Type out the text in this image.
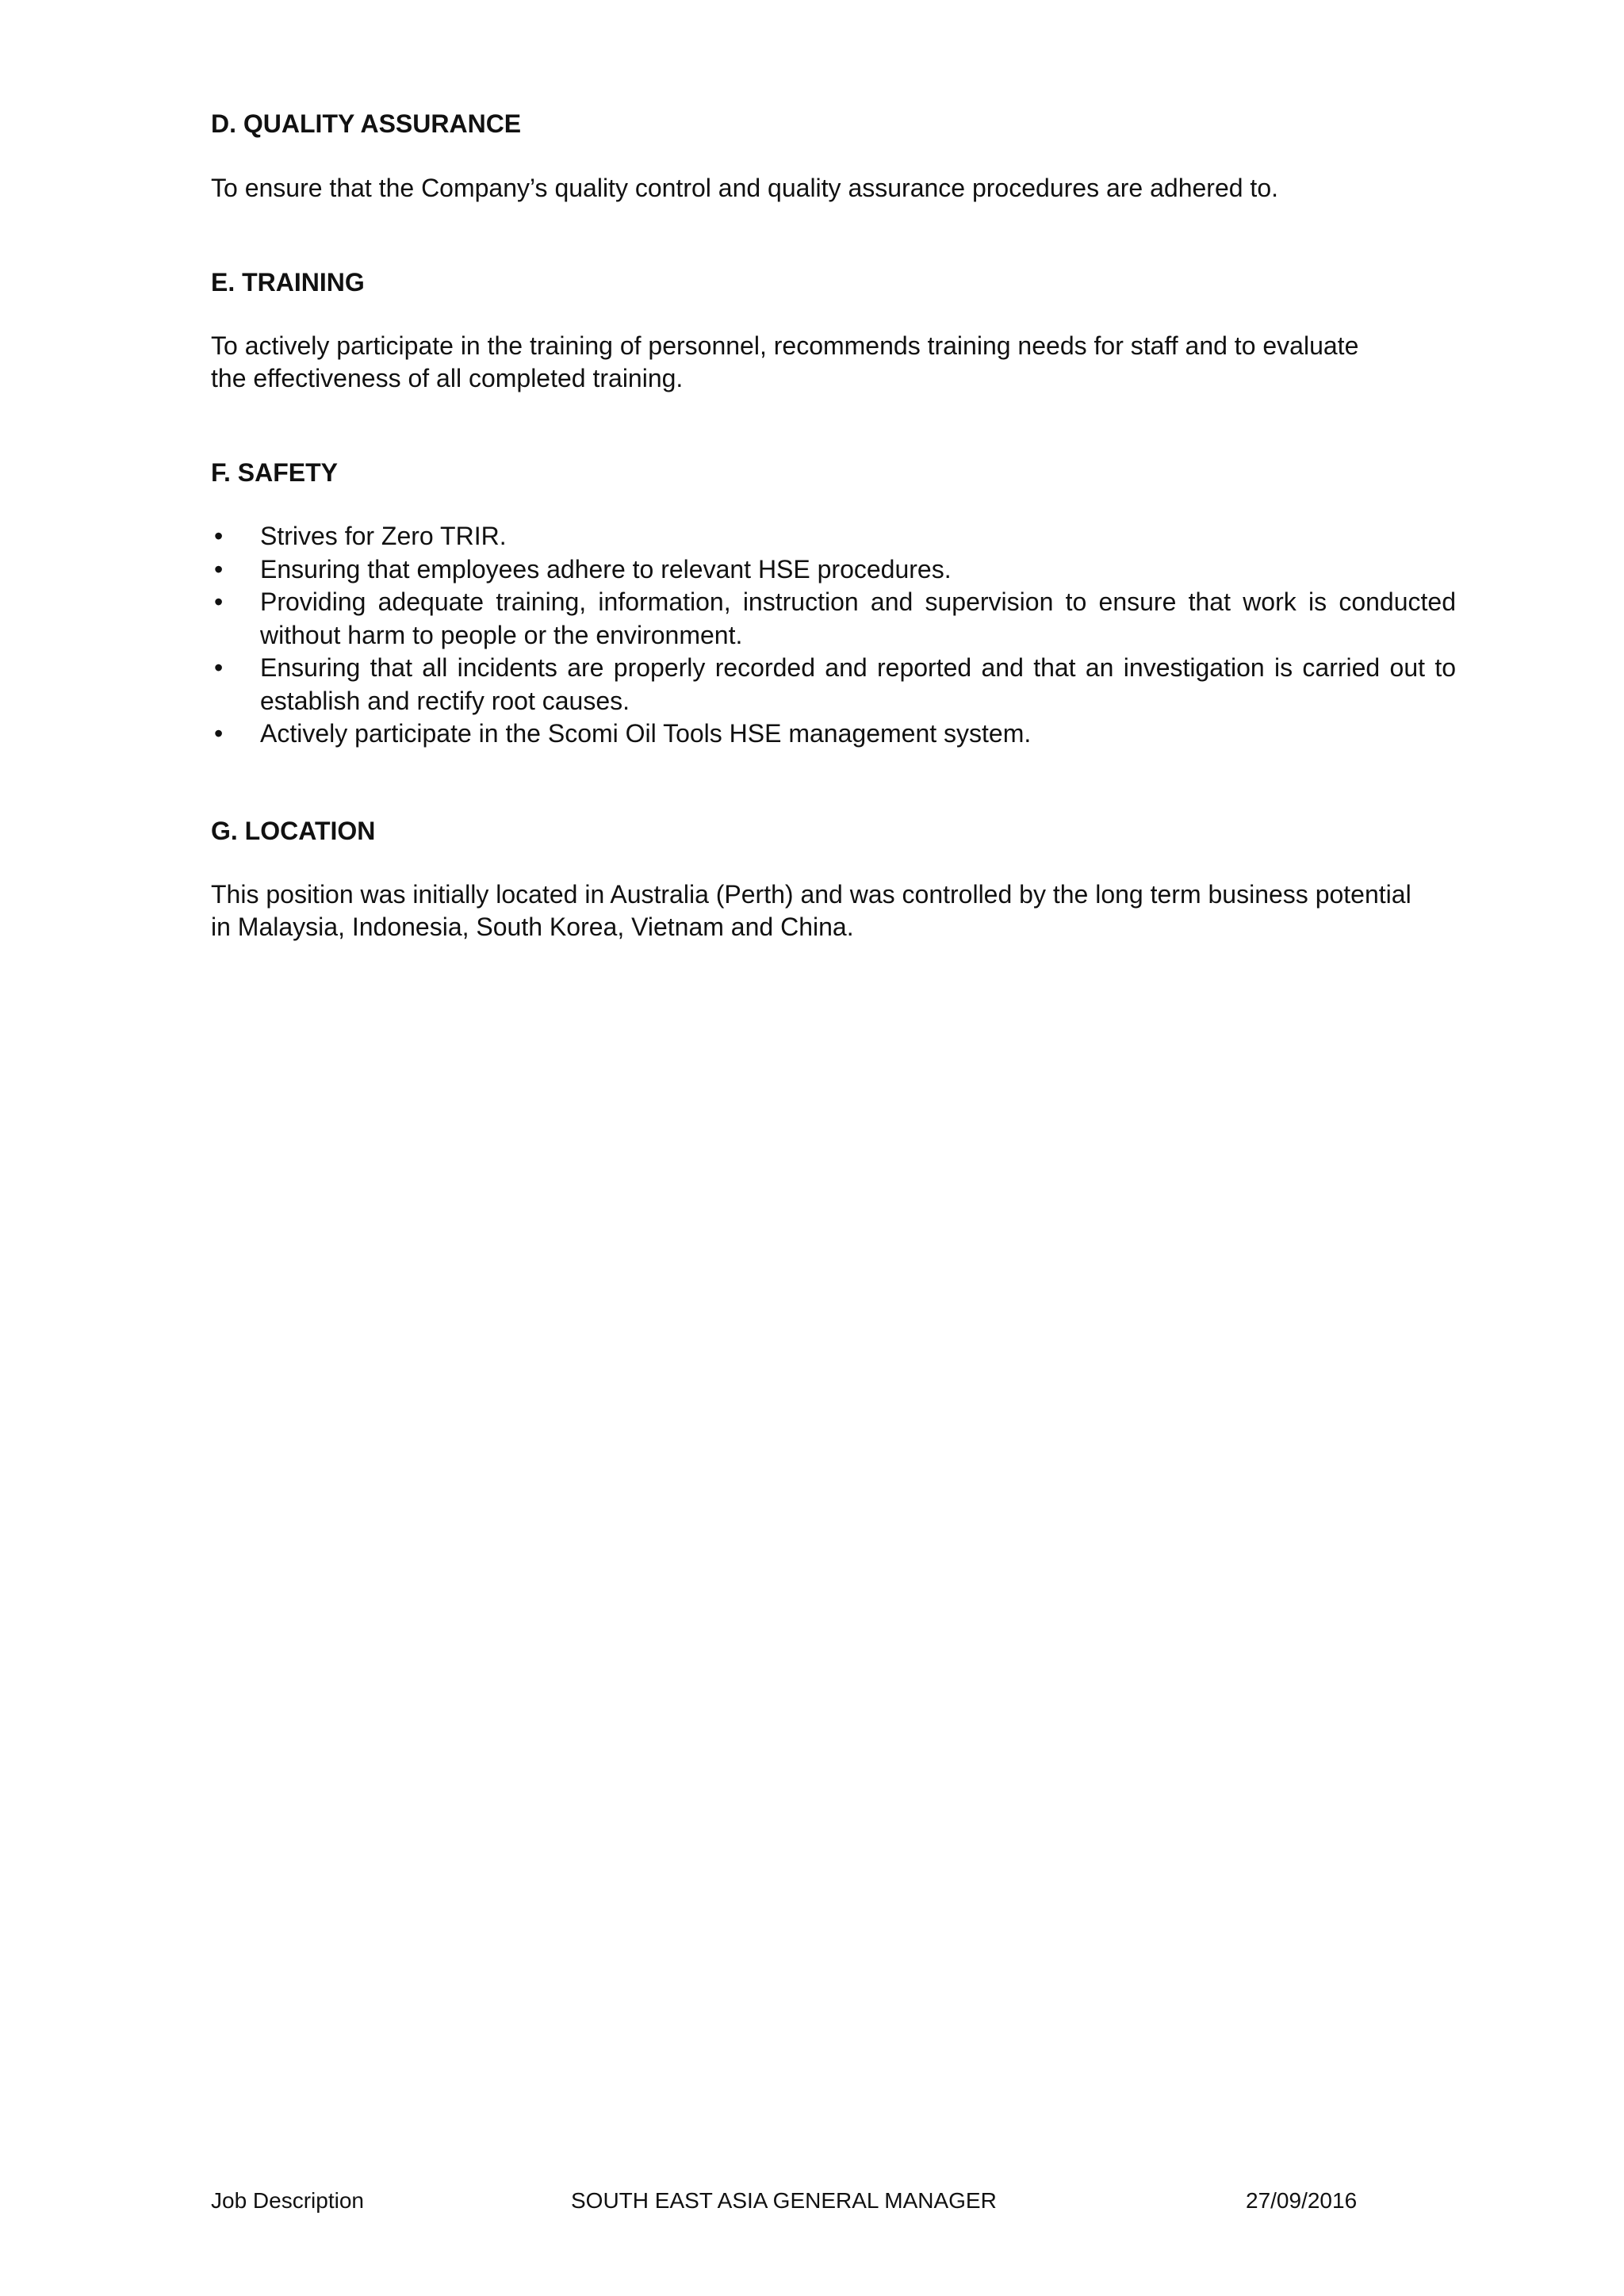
D. QUALITY ASSURANCE

To ensure that the Company’s quality control and quality assurance procedures are adhered to.

E. TRAINING

To actively participate in the training of personnel, recommends training needs for staff and to evaluate the effectiveness of all completed training.

F. SAFETY
• Strives for Zero TRIR.
• Ensuring that employees adhere to relevant HSE procedures.
• Providing adequate training, information, instruction and supervision to ensure that work is conducted without harm to people or the environment.
• Ensuring that all incidents are properly recorded and reported and that an investigation is carried out to establish and rectify root causes.
• Actively participate in the Scomi Oil Tools HSE management system.
G. LOCATION

This position was initially located in Australia (Perth) and was controlled by the long term business potential in Malaysia, Indonesia, South Korea, Vietnam and China.

Job Description	SOUTH EAST ASIA GENERAL MANAGER	27/09/2016
